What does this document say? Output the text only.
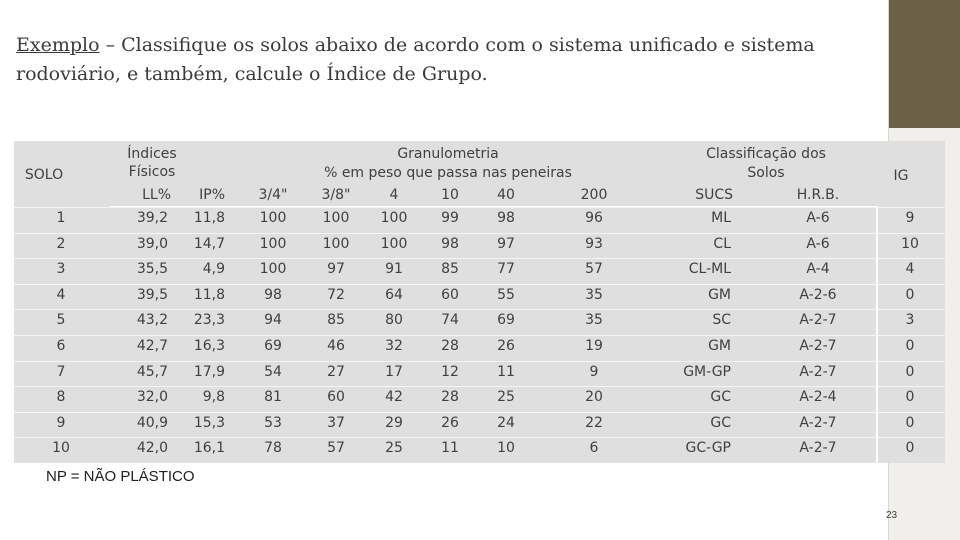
Exemplo – Classifique os solos abaixo de acordo com o sistema unificado e sistema rodoviário, e também, calcule o Índice de Grupo.
SOLO
Índices
Físicos
Granulometria
% em peso que passa nas peneiras
Classificação dos
Solos	IG
LL% IP% 3/4" 3/8"	4	10	40	200	SUCS	H.R.B.
1	39,2 11,8 100	100 100 99	98	96	ML	A-6	9
2	39,0 14,7 100	100 100 98	97	93	CL	A-6	10
3	35,5 4,9 100	97	91	85	77	57	CL-ML	A-4	4
4	39,5 11,8	98	72	64	60	55	35	GM	A-2-6	0
5	43,2 23,3	94	85	80	74	69	35	SC	A-2-7	3
6	42,7 16,3	69	46	32	28	26	19	GM	A-2-7	0
7	45,7 17,9	54	27	17	12	11	9	GM-GP	A-2-7	0
8	32,0 9,8	81	60	42	28	25	20	GC	A-2-4	0
9	40,9 15,3	53	37	29	26	24	22	GC	A-2-7	0
10	42,0 16,1	78	57	25	11	10	6	GC-GP	A-2-7	0
NP = NÃO PLÁSTICO
23
